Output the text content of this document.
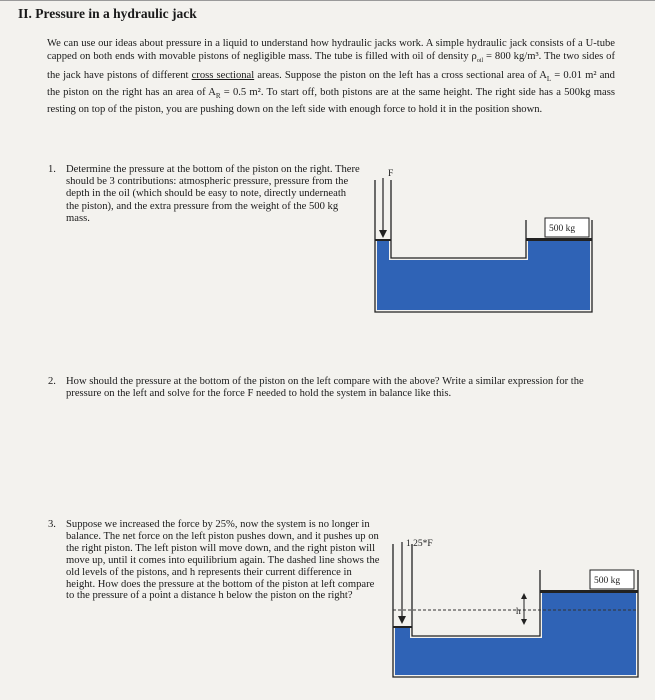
II. Pressure in a hydraulic jack
We can use our ideas about pressure in a liquid to understand how hydraulic jacks work. A simple hydraulic jack consists of a U-tube capped on both ends with movable pistons of negligible mass. The tube is filled with oil of density $\rho_{oil} = 800$ kg/m³. The two sides of the jack have pistons of different cross sectional areas. Suppose the piston on the left has a cross sectional area of $A_L = 0.01$ m² and the piston on the right has an area of $A_R = 0.5$ m². To start off, both pistons are at the same height. The right side has a 500kg mass resting on top of the piston, you are pushing down on the left side with enough force to hold it in the position shown.
1. Determine the pressure at the bottom of the piston on the right. There should be 3 contributions: atmospheric pressure, pressure from the depth in the oil (which should be easy to note, directly underneath the piston), and the extra pressure from the weight of the 500 kg mass.
F
500 kg
2. How should the pressure at the bottom of the piston on the left compare with the above? Write a similar expression for the pressure on the left and solve for the force F needed to hold the system in balance like this.
3. Suppose we increased the force by 25%, now the system is no longer in balance. The net force on the left piston pushes down, and it pushes up on the right piston. The left piston will move down, and the right piston will move up, until it comes into equilibrium again. The dashed line shows the old levels of the pistons, and h represents their current difference in height. How does the pressure at the bottom of the piston at left compare to the pressure of a point a distance h below the piston on the right?
1.25*F
500 kg
h
